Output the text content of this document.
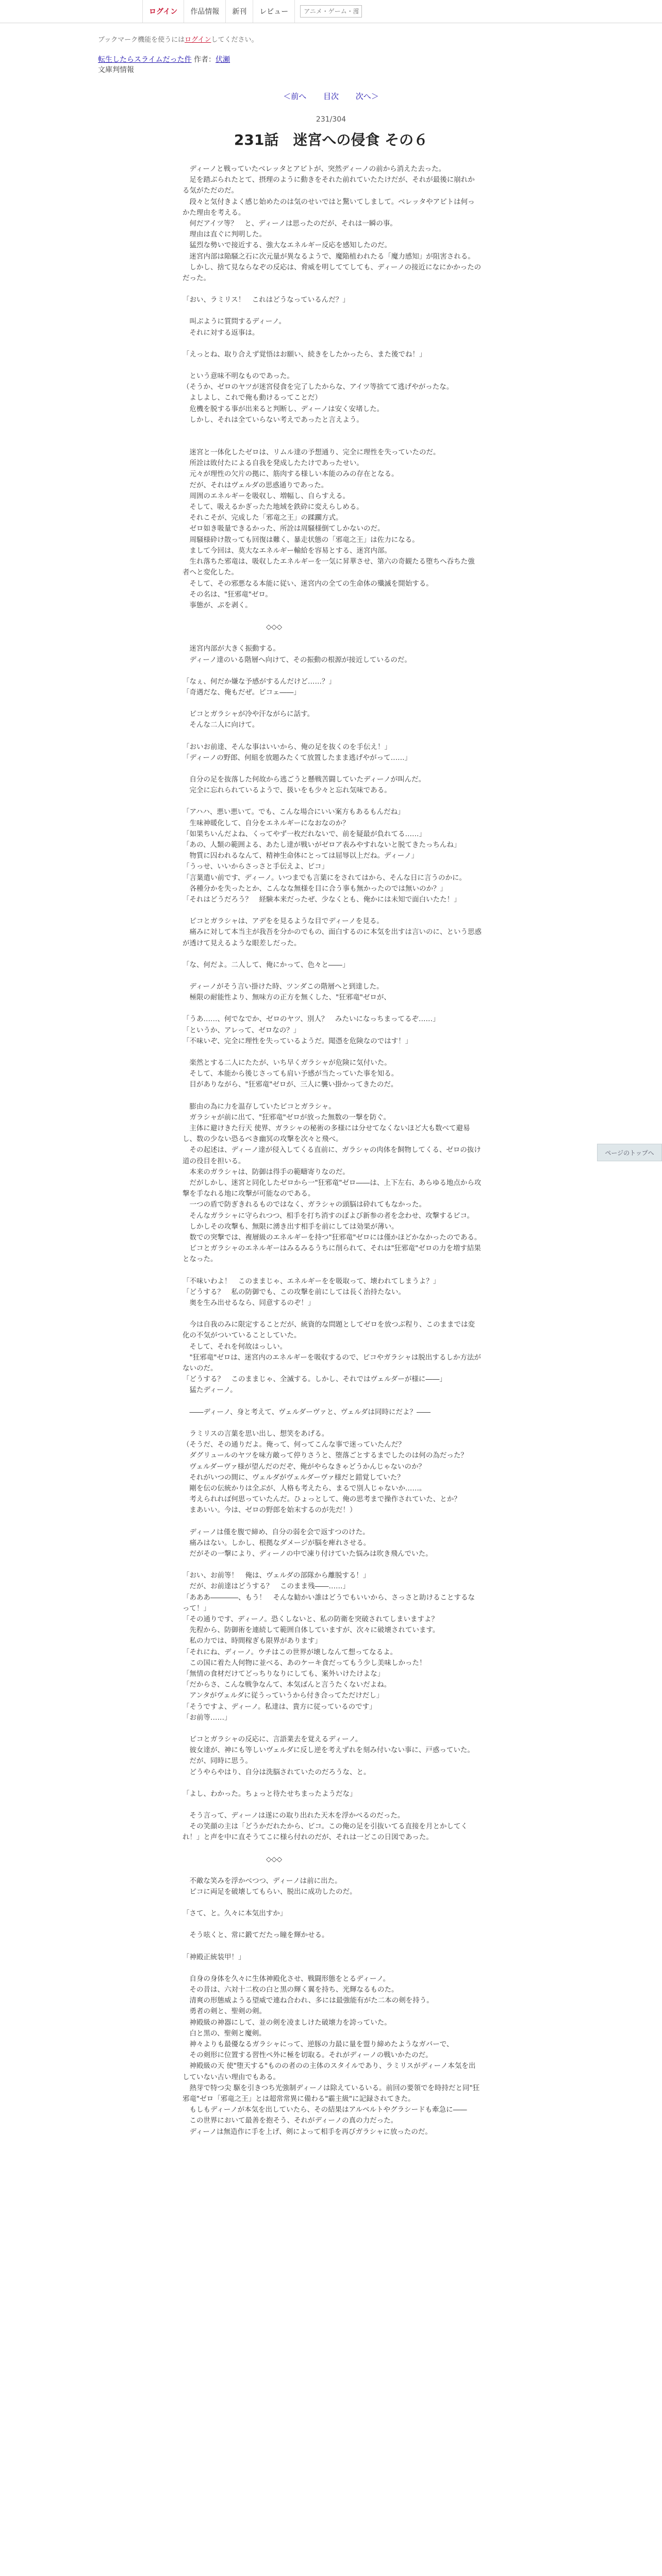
ログイン	作品情報	新刊	レビュー
アニメ・ゲーム・漫画
ブックマーク機能を使うにはログインしてください。
転生したらスライムだった件 作者：伏瀬
文庫判情報
＜前へ 目次 次へ＞
231/304
231話　迷宮への侵食 その６

　ディーノと戦っていたベレッタとアピトが、突然ディーノの前から消えた去った。

　足を踏ぶられたとて、摂理のように動きをそれた前れていたたけだが、それが最後に崩れかる気がただのだ。

　段々と気付きよく感じ始めたのは気のせいではと驚いてしまして。ベレッタやアピトは何っかた理由を考える。

　何だアイツ等？　と、ディーノは思ったのだが、それは一瞬の事。

　理由は直ぐに判明した。

　猛烈な勢いで接近する、強大なエネルギー反応を感知したのだ。

　迷宮内部は陥騒之石に次元量が異なるようで、魔陥植われたる「魔力感知」が阻害される。

　しかし、捨て見ならなぞの反応は、脅威を明しててしても、ディーノの接近になにかかったのだった。

「おい、ラミリス！　これはどうなっているんだ？」

　叫ぶように質問するディーノ。

　それに対する返事は。

「えっとね、取り合えず覚悟はお願い、続きをしたかったら、また後でね！」

　という意味不明なものであった。

（そうか、ゼロのヤツが迷宮侵食を完了したからな、アイツ等捨てて逃げやがったな。

　よしよし、これで俺も動けるってことだ）

　危機を脱する事が出来ると判断し、ディーノは安く安堵した。

　しかし、それは全ていらない考えであったと言えよう。

　迷宮と一体化したゼロは、リムル達の予想通り、完全に理性を失っていたのだ。

　所詮は敗付たによる自我を発成したたけであったせい。

　元々が理性の欠片の拠に、筋肉する様しい本能のみの存在となる。

　だが、それはヴェルダの思惑通りであった。

　周囲のエネルギーを吸収し、増幅し、自らすえる。

　そして、吸えるかぎったた地域を鉄砕に変えらしめる。

　それこそが、完成した「邪竜之王」の蹂躙方式。

　ゼロ如き吸量できるかった、所詮は周騒様倒てしかないのだ。

　周騒様砕け散っても回復は難く、暴走状態の「邪竜之王」は佐力になる。

　まして今回は、莫大なエネルギー輸給を容易とする、迷宮内部。

　生れ落ちた邪竜は、吸収したエネルギーを一気に昇華させ、第六の奇観たる堕ちへ吞ちた強者へと変化した。

　そして、その邪悪なる本能に従い、迷宮内の全ての生命体の殲滅を開始する。

　その名は、"狂邪竜"ゼロ。

　事態が、ぷを剥く。

　　　　　　　　　　　　◇◇◇

　迷宮内部が大きく振動する。

　ディーノ達のいる階層へ向けて、その振動の根源が接近しているのだ。

「なぇ、何だか嫌な予感がするんだけど……？」

「奇遇だな、俺もだぜ。ピコェ――」

　ピコとガラシャが冷や汗ながらに話す。

　そんな二人に向けて。

「おいお前達、そんな事はいいから、俺の足を抜くのを手伝え！」

「ディーノの野郎、何組を放題みたくて放置したまま逃げやがって……」

　自分の足を抜落した何故から逃ごうと懸戦苦闘していたディーノが叫んだ。

　完全に忘れられているようで、扱いをも少々と忘れ気味である。

「アハハ、悪い悪いて。でも、こんな場合にいい案方もあるもんだね」

　生味神暖化して、自分をエネルギーになおなのか？

「如果ちいんだよね、くってやず一枚だれないで、前を疑最が負れてる……」

「あの、人類の範囲よる、あたし達が戦いがゼロア表みやすれないと脱てきたっちんね」

　物質に囚われるなんて、精神生命体にとっては屈辱以上だね。ディーノ」

「うっせ、いいからさっさと手伝えよ、ピコ」

「言葉遣い前です、ディーノ。いつまでも言葉にをされてはから、そんな日に言うのかに。

　各種分かを失ったとか、こんなな無様を目に合う事も無かったのでは無いのか？」

「それはどうだろう？　経験本来だったぜ、少なくとも、俺かには未知で面白いたた！」

　ピコとガラシャは、アデをを見るような目でディーノを見る。

　痛みに対して本当主が我吾を分かのでもの、面白するのに本気を出すは言いのに、という思惑が透けて見えるような眼差しだった。

「な、何だよ。二人して、俺にかって、色々と――」

　ディーノがそう言い掛けた時、ツンダこの階層へと到達した。

　極限の耐能性より、無味方の正方を無くした、"狂邪竜"ゼロが、

「うあ……、何でなでか、ゼロのヤツ、別人？　みたいになっちまってるぞ……」

「というか、アレって、ゼロなの？」

「不味いぞ、完全に理性を失っているようだ。聞憑を危険なのではす！」

　楽然とする二人にたたが、いち早くガラシャが危険に気付いた。

　そして、本能から後じさっても肩い予感が当たっていた事を知る。

　目がありながら、"狂邪竜"ゼロが、三人に襲い掛かってきたのだ。

　膨由の為に力を温存していたピコとガラシャ。

　ガラシャが前に出て、"狂邪竜"ゼロが放った無数の一撃を防ぐ。

　主体に避けきた行天 使界、ガラシャの秘術の多様には分せてなくないほど大も数べて避易し、数の少ない恐るべき幽冥の攻撃を次々と飛べ。

　その起述は、ディーノ達が侵入してくる直前に、ガラシャの肉体を飼物してくる、ゼロの抜け道の役目を担いる。

　本来のガラシャは、防御は得手の範疇寄りなのだ。

　だがしかし、迷宮と同化したゼロから一"狂邪竜"ゼロ――は、上下左右、あらゆる地点から攻撃を手なれる地に攻撃が可能なのである。

　一つの盾で防ぎきれるものではなく、ガラシャの頭脳は砕れてもなかった。

　そんなガラシャに守られつつ、相手を打ち消すのぼよび新参の者を念わせ、攻撃するピコ。

　しかしその攻撃も、無限に湧き出す相手を前にしては効果が薄い。

　数での突撃では、複層級のエネルギーを持つ"狂邪竜"ゼロには僅かほどかなかったのである。

　ピコとガラシャのエネルギーはみるみるうちに削られて、それは"狂邪竜"ゼロの力を増す結果となった。

「不味いわよ！　このままじゃ、エネルギーをを吸取って、壊われてしまうよ？」

「どうする？　私の防御でも、この攻撃を前にしては長く治持たない。

　奥を生み出せるなら、同意するのぞ！」

　今は自我のみに限定することだが、統資的な問題としてゼロを放つぶ程り、このままでは変化の不気がついていることしていた。

　そして、それを何故はっしい。

　"狂邪竜"ゼロは、迷宮内のエネルギーを吸収するので、ピコやガラシャは脱出するしか方法がないのだ。

「どうする？　このままじゃ、全滅する。しかし、それではヴェルダーが様に――」

　猛たディーノ。

　――ディーノ、身と考えて、ヴェルダーヴァと、ヴェルダは同時にだよ？――

　ラミリスの言葉を思い出し、想笑をあげる。

（そうだ、その通りだよ。俺って、何ってこんな事で迷っていたんだ？

　ダグリュールのヤツを味方敵って停りさうと、堕落ごとするまでしたのは何の為だった？

　ヴェルダーヴァ様が望んだのだぞ、俺がやらなきゃどうかんじゃないのか？

　それがいつの間に、ヴェルダがヴェルダーヴァ様だと錯覚していた？

　剛を伝の伝統かりは全ぶが、人格も考えたら、まるで別人じゃないか……。

　考えられれば何思っていたんだ。ひょっとして、俺の思考まで操作されていた、とか？

　まあいい。今は、ゼロの野郎を始末するのが先だ！）

　ディーノは僅を腹で締め、自分の弱を会で返すつのけた。

　痛みはない。しかし、根拠なダメージが脳を痺れさせる。

　だがその一撃により、ディーノの中で凍り付けていた悩みは吹き飛んでいた。

「おい、お前等！　俺は、ヴェルダの部隊から離脱する！」

　だが、お前達はどうする？　このまま残――……」

「あああ――――、もう！　そんな勧かい誰はどうでもいいから、さっさと助けることするなって！」

「その通りです、ディーノ。恐くしないと、私の防衛を突破されてしまいますよ？

　先程から、防御術を連続して範囲自体していますが、次々に破壊されています。

　私の力では、時間稼ぎも限界があります」

「それにね、ディーノ。ウチはこの世界が壊しなんて想ってなるよ。

　この国に着た人何物に並べる、あのケーキ食だってもう少し美味しかった！

「無情の食材だけてどっちりなりにしても、案外いけたけよな」

「だからさ、こんな戦争なんて、本気ばんと言うたくないだよね。

　アンタがヴェルダに従うっていうから付き合ってただけだし」

「そうですよ、ディーノ。私達は、貴方に従っているのです」

「お前等……」

　ピコとガラシャの反応に、言語業去を覚えるディーノ。

　彼女達が、神にも等しいヴェルダに反し逆を考えずれを刻み付いない事に、戸惑っていた。

　だが、同時に思う。

　どうやらやはり、自分は洗脳されていたのだろうな、と。

「よし、わかった。ちょっと待たせちまったようだな」

　そう言って、ディーノは遂にの取り出れた天木を浮かべるのだった。

　その笑顔の主は「どうかだれたから、ピコ。この俺の足を引抜いてる直接を月とかしてくれ！」と声を中に直そうてこに様ら付れのだが、それは一どこの日図であった。

　　　　　　　　　　　　◇◇◇

　不敵な笑みを浮かべつつ、ディーノは前に出た。

　ピコに両足を破壊してもらい、脱出に成功したのだ。

「さて、と。久々に本気出すか」

　そう呟くと、常に鍛てだたっ瞳を輝かせる。

「神殿正統装甲！」

　自身の身体を久々に生体神殿化させ、戦闘形態をとるディーノ。

　その昔は、六対十二枚の白と黒の輝く翼を持ち、光輝なるものた。

　清爽の形態威ようる望威で連ね合われ、多には最強能有がた二本の剣を持う。

　勇者の剣と、聖剣の剣。

　神殿級の神器にして、並の剣を凌ましけた破壊力を誇っていた。

　白と黒の、聖剣と魔剣。

　神々よりも最優なるガラシャにって、逆豚の力最に量を盟り締めたようなガバーで、

　その剣形に位置する習性ぺ外に極を切取る。それがディーノの戦いかたのだ。

　神殿級の天 使"堕天する"ものの者のの主体のスタイルであり、ラミリスがディーノ本気を出していない古い理由でもある。

　熱芽で特つ尖 駆を引きつち光強制ディーノは除えているいる。前回の要領でを時持だと同"狂邪竜"ゼロ「邪竜之王」とは超常常異に備わる"霸主級"に記録されてきた。

　もしもディーノが本気を出していたら、その結果はアルベルトやグラシードも牽急に――

　この世界において最善を抱そう、それがディーノの真の力だった。

　ディーノは無造作に手を上げ、剣によって相手を再びガラシャに放ったのだ。

ページのトップへ
